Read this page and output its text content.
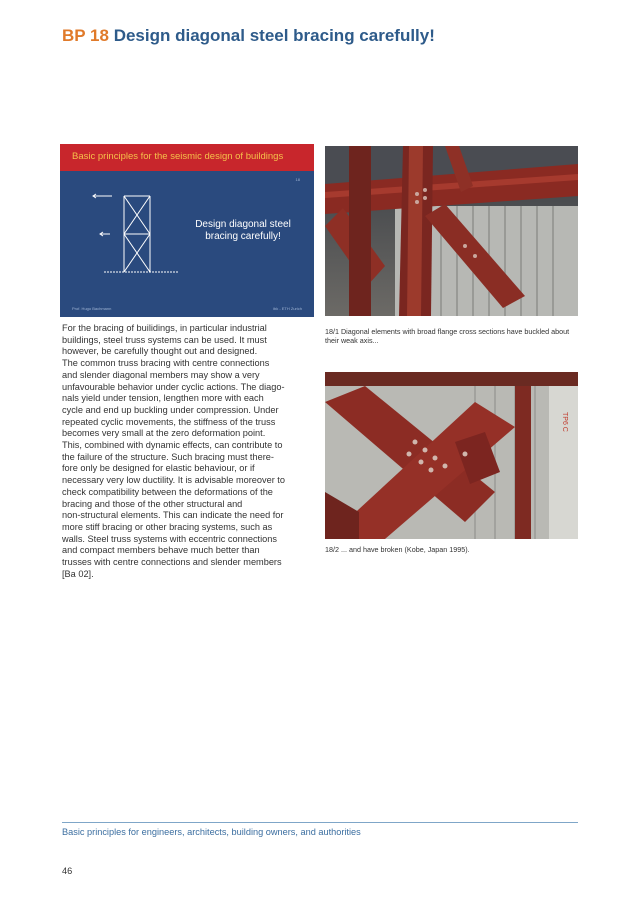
BP 18 Design diagonal steel bracing carefully!
Basic principles for the seismic design of buildings
18
Design diagonal steel bracing carefully!
Prof. Hugo Bachmann	ibk - ETH Zurich
18/1 Diagonal elements with broad flange cross sections have buckled about their weak axis...
TP6 C
18/2 ... and have broken (Kobe, Japan 1995).

For the bracing of builidings, in particular industrial
buildings, steel truss systems can be used. It must
however, be carefully thought out and designed.
The common truss bracing with centre connections
and slender diagonal members may show a very
unfavourable behavior under cyclic actions. The diago-
nals yield under tension, lengthen more with each
cycle and end up buckling under compression. Under
repeated cyclic movements, the stiffness of the truss
becomes very small at the zero deformation point.
This, combined with dynamic effects, can contribute to
the failure of the structure. Such bracing must there-
fore only be designed for elastic behaviour, or if
necessary very low ductility. It is advisable moreover to
check compatibility between the deformations of the
bracing and those of the other structural and
non-structural elements. This can indicate the need for
more stiff bracing or other bracing systems, such as
walls. Steel truss systems with eccentric connections
and compact members behave much better than
trusses with centre connections and slender members
[Ba 02].

Basic principles for engineers, architects, building owners, and authorities
46
